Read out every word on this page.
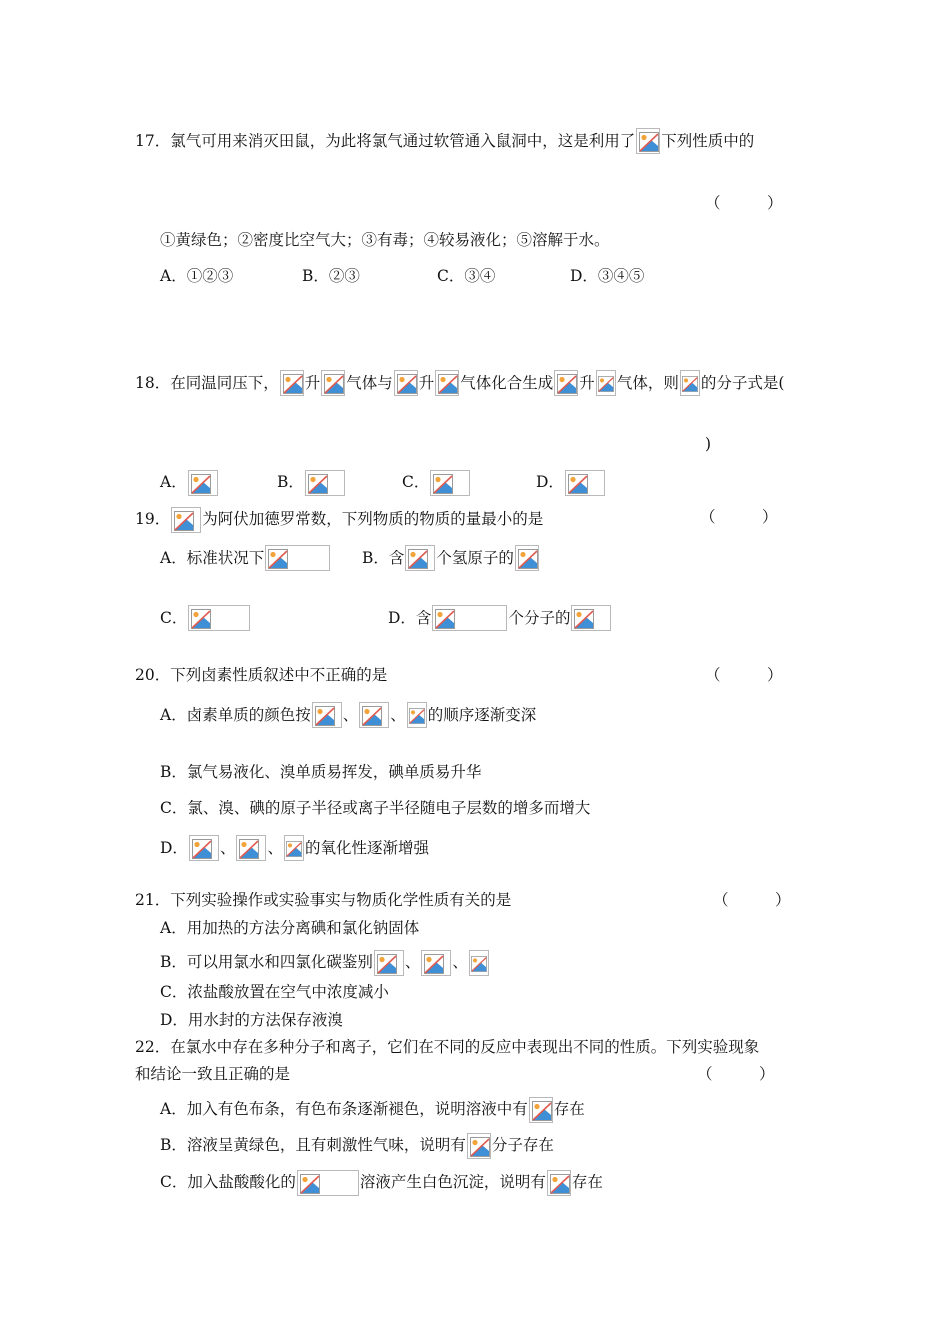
17．氯气可用来消灭田鼠，为此将氯气通过软管通入鼠洞中，这是利用了 下列性质中的
（　　　）
①黄绿色；②密度比空气大；③有毒；④较易液化；⑤溶解于水。
A．①②③	B．②③	C．③④	D．③④⑤
18．在同温同压下， 升 气体与 升 气体化合生成 升 气体，则 的分子式是(
)
A．	B．	C．	D．
19． 为阿伏加德罗常数，下列物质的物质的量最小的是	（　　　）
A．标准状况下	B．含 个氢原子的
C．	D．含	个分子的
20．下列卤素性质叙述中不正确的是	（　　　）
A．卤素单质的颜色按 、 、 的顺序逐渐变深
B．氯气易液化、溴单质易挥发，碘单质易升华
C．氯、溴、碘的原子半径或离子半径随电子层数的增多而增大
D． 、 、 的氧化性逐渐增强
21．下列实验操作或实验事实与物质化学性质有关的是	（　　　）
A．用加热的方法分离碘和氯化钠固体
B．可以用氯水和四氯化碳鉴别 、 、
C．浓盐酸放置在空气中浓度减小
D．用水封的方法保存液溴
22．在氯水中存在多种分子和离子，它们在不同的反应中表现出不同的性质。下列实验现象
和结论一致且正确的是	（　　　）
A．加入有色布条，有色布条逐渐褪色，说明溶液中有 存在
B．溶液呈黄绿色，且有刺激性气味，说明有 分子存在
C．加入盐酸酸化的	溶液产生白色沉淀，说明有 存在
